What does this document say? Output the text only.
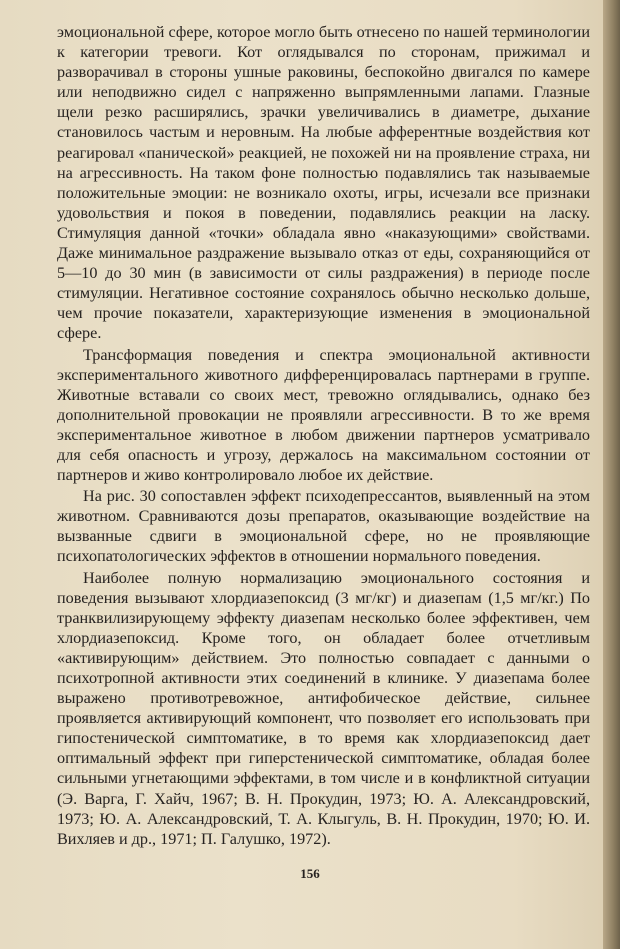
эмоциональной сфере, которое могло быть отнесено по нашей терминологии к категории тревоги. Кот оглядывался по сторонам, прижимал и разворачивал в стороны ушные раковины, беспокойно двигался по камере или неподвижно сидел с напряженно выпрямленными лапами. Глазные щели резко расширялись, зрачки увеличивались в диаметре, дыхание становилось частым и неровным. На любые афферентные воздействия кот реагировал «панической» реакцией, не похожей ни на проявление страха, ни на агрессивность. На таком фоне полностью подавлялись так называемые положительные эмоции: не возникало охоты, игры, исчезали все признаки удовольствия и покоя в поведении, подавлялись реакции на ласку. Стимуляция данной «точки» обладала явно «наказующими» свойствами. Даже минимальное раздражение вызывало отказ от еды, сохраняющийся от 5—10 до 30 мин (в зависимости от силы раздражения) в периоде после стимуляции. Негативное состояние сохранялось обычно несколько дольше, чем прочие показатели, характеризующие изменения в эмоциональной сфере.

Трансформация поведения и спектра эмоциональной активности экспериментального животного дифференцировалась партнерами в группе. Животные вставали со своих мест, тревожно оглядывались, однако без дополнительной провокации не проявляли агрессивности. В то же время экспериментальное животное в любом движении партнеров усматривало для себя опасность и угрозу, держалось на максимальном состоянии от партнеров и живо контролировало любое их действие.

На рис. 30 сопоставлен эффект психодепрессантов, выявленный на этом животном. Сравниваются дозы препаратов, оказывающие воздействие на вызванные сдвиги в эмоциональной сфере, но не проявляющие психопатологических эффектов в отношении нормального поведения.

Наиболее полную нормализацию эмоционального состояния и поведения вызывают хлордиазепоксид (3 мг/кг) и диазепам (1,5 мг/кг.) По транквилизирующему эффекту диазепам несколько более эффективен, чем хлордиазепоксид. Кроме того, он обладает более отчетливым «активирующим» действием. Это полностью совпадает с данными о психотропной активности этих соединений в клинике. У диазепама более выражено противотревожное, антифобическое действие, сильнее проявляется активирующий компонент, что позволяет его использовать при гипостенической симптоматике, в то время как хлордиазепоксид дает оптимальный эффект при гиперстенической симптоматике, обладая более сильными угнетающими эффектами, в том числе и в конфликтной ситуации (Э. Варга, Г. Хайч, 1967; В. Н. Прокудин, 1973; Ю. А. Александровский, 1973; Ю. А. Александровский, Т. А. Клыгуль, В. Н. Прокудин, 1970; Ю. И. Вихляев и др., 1971; П. Галушко, 1972).

156
